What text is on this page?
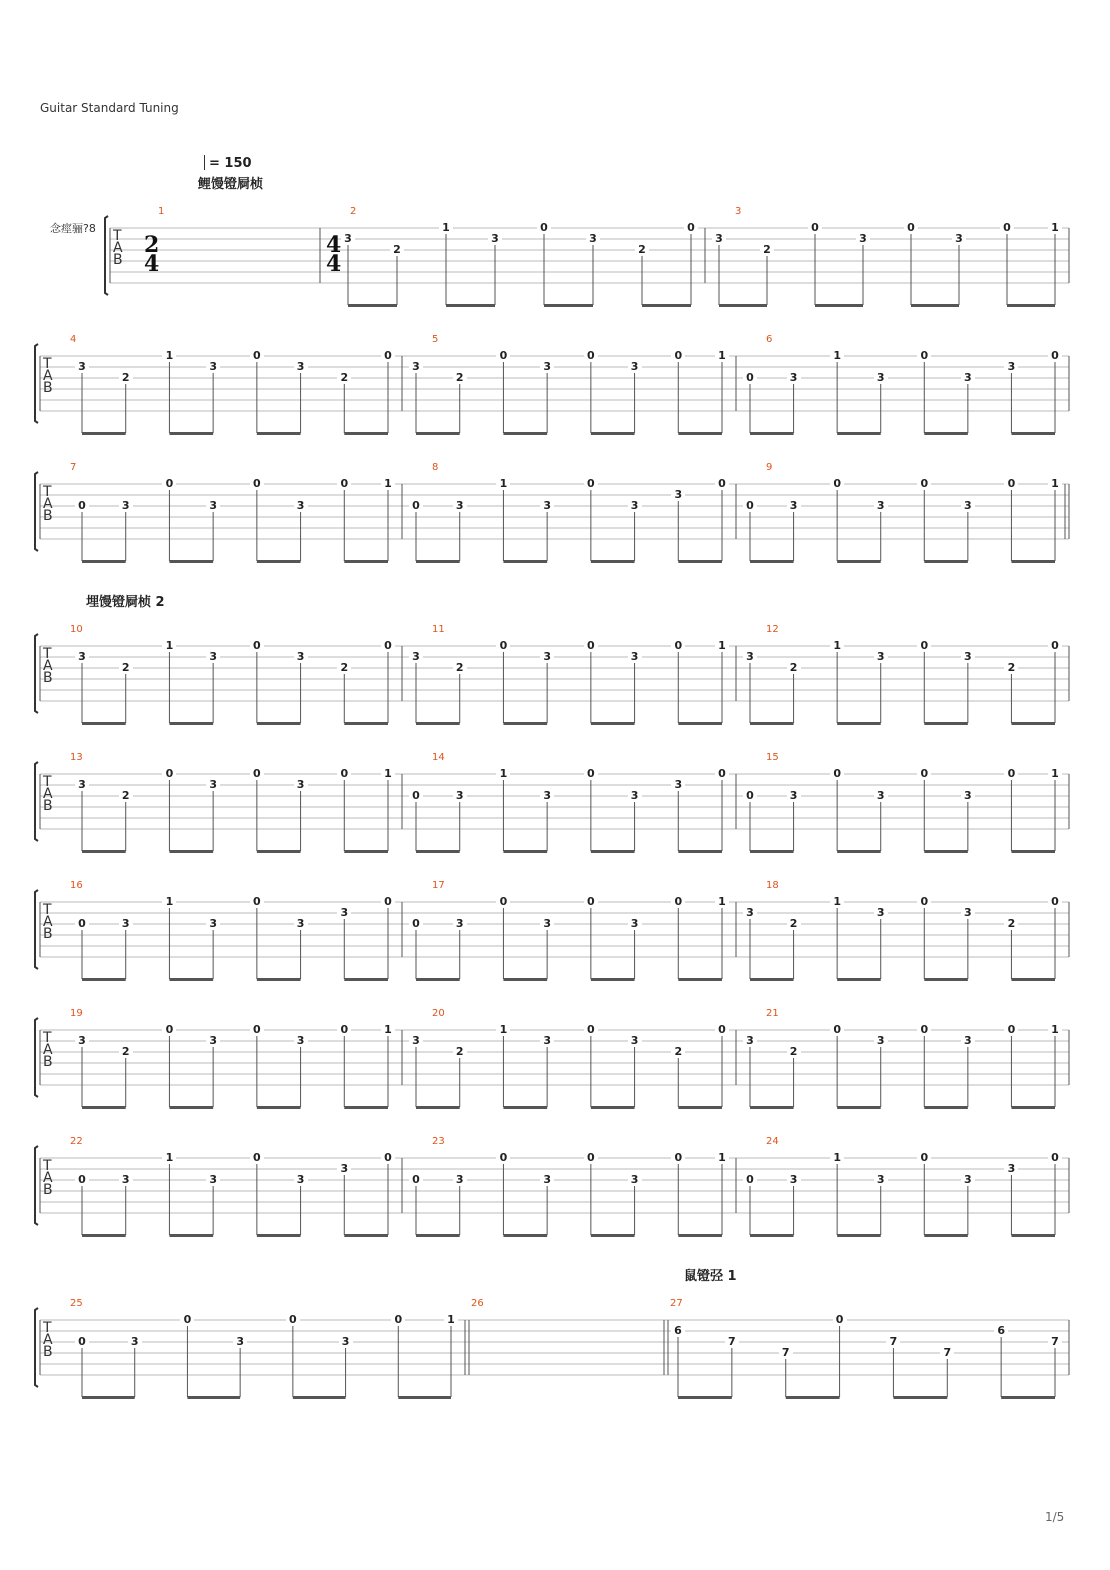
Guitar Standard Tuning
= 150
念痙骊?8
1/5
鲤馒镫屙桢
埋馒镫屙桢 2
鼠镫弪 1
T
A
B
1
2
4
2
4
4
3
2
1
3
0
3
2
0
3
3
2
0
3
0
3
0	1
T
A
B
4
3
2
1
3
0
3
2
0
5
3
2
0
3
0
3
0	1
6
0	3
1
3
0
3
3
0
T
A
B
7
0	3
0
3
0
3
0	1
8
0	3
1
3
0
3
3
0
9
0	3
0
3
0
3
0	1
T
A
B
10
3
2
1
3
0
3
2
0
11
3
2
0
3
0
3
0	1
12
3
2
1
3
0
3
2
0
T
A
B
13
3
2
0
3
0
3
0	1
14
0	3
1
3
0
3
3
0
15
0	3
0
3
0
3
0	1
T
A
B
16
0	3
1
3
0
3
3
0
17
0	3
0
3
0
3
0	1
18
3
2
1
3
0
3
2
0
T
A
B
19
3
2
0
3
0
3
0	1
20
3
2
1
3
0
3
2
0
21
3
2
0
3
0
3
0	1
T
A
B
22
0	3
1
3
0
3
3
0
23
0	3
0
3
0
3
0	1
24
0	3
1
3
0
3
3
0
T
A
B
25
0	3
0
3
0
3
0	1
26	27
6
7
7
0
7
7
6
7
